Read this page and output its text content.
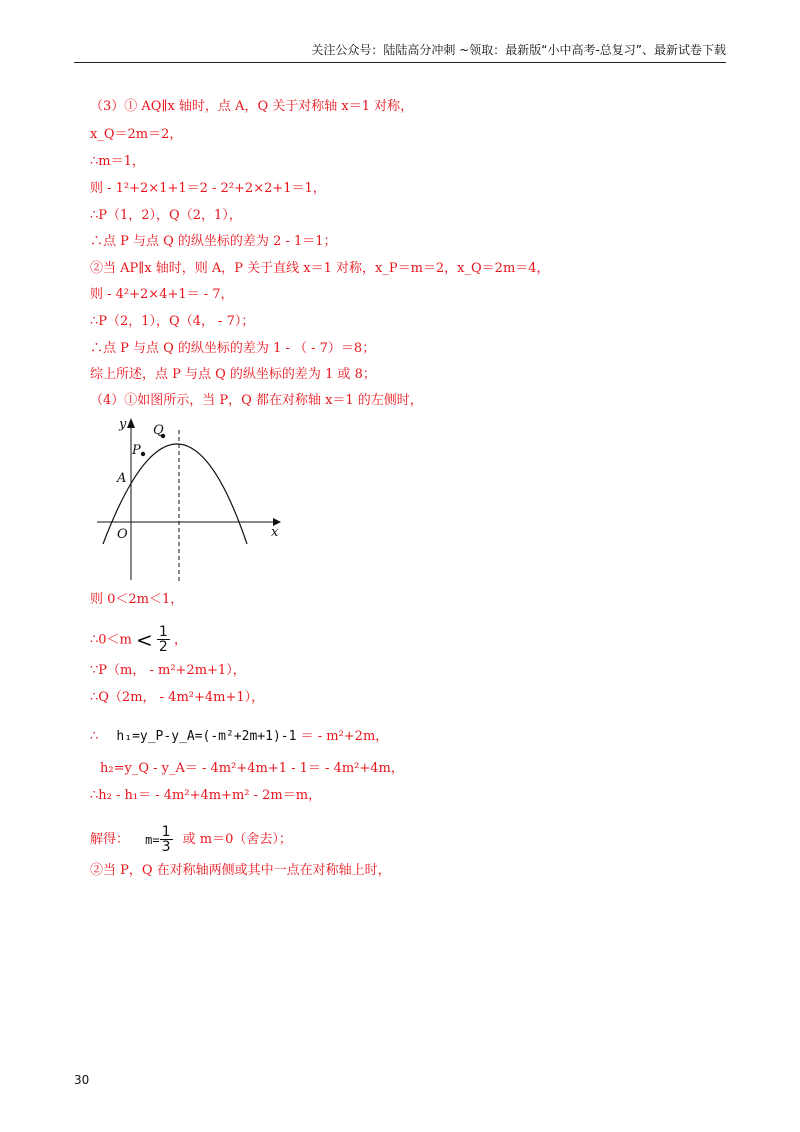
关注公众号：陆陆高分冲刺 ~领取：最新版“小中高考-总复习”、最新试卷下载
（3）① AQ∥x 轴时，点 A，Q 关于对称轴 x＝1 对称，
x_Q＝2m＝2，
∴m＝1，
则 - 1²+2×1+1＝2 - 2²+2×2+1＝1，
∴P（1，2），Q（2，1），
∴点 P 与点 Q 的纵坐标的差为 2 - 1＝1；
②当 AP∥x 轴时，则 A，P 关于直线 x＝1 对称，x_P＝m＝2，x_Q＝2m＝4，
则 - 4²+2×4+1＝ - 7，
∴P（2，1），Q（4， - 7）；
∴点 P 与点 Q 的纵坐标的差为 1 - （ - 7）＝8；
综上所述，点 P 与点 Q 的纵坐标的差为 1 或 8；
（4）①如图所示，当 P，Q 都在对称轴 x＝1 的左侧时，
y
x
O
A
P
Q
则 0＜2m＜1，
∴0＜m < $\frac{1}{2}$ ，
∵P（m， - m²+2m+1），
∴Q（2m， - 4m²+4m+1），
∴ h₁=y_P-y_A=(-m²+2m+1)-1 ＝ - m²+2m，
h₂=y_Q - y_A＝ - 4m²+4m+1 - 1＝ - 4m²+4m，
∴h₂ - h₁＝ - 4m²+4m+m² - 2m＝m，
解得： $m= \frac{1}{3}$ 或 m＝0（舍去）；
②当 P，Q 在对称轴两侧或其中一点在对称轴上时，
30
